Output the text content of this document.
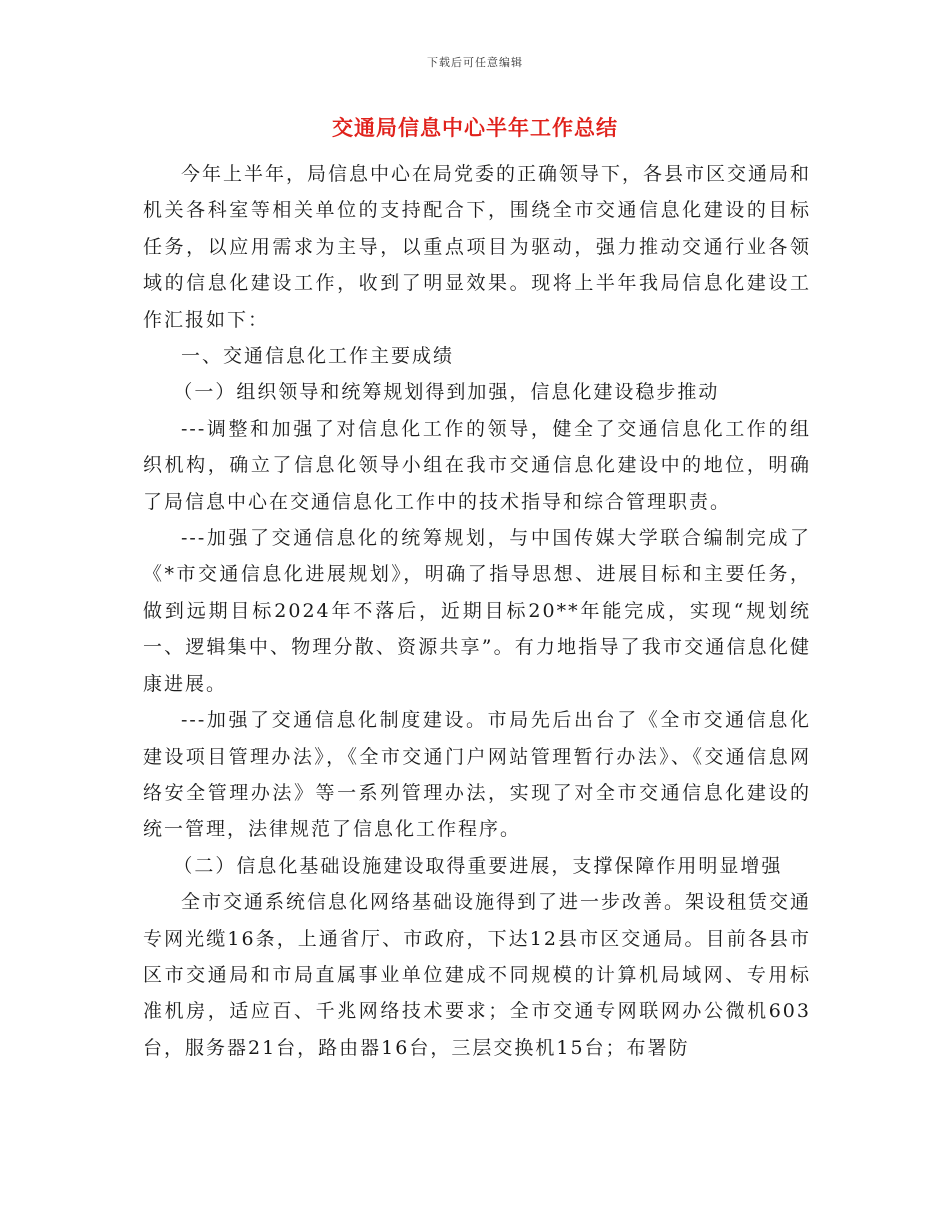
下载后可任意编辑
交通局信息中心半年工作总结

今年上半年，局信息中心在局党委的正确领导下，各县市区交通局和机关各科室等相关单位的支持配合下，围绕全市交通信息化建设的目标任务，以应用需求为主导，以重点项目为驱动，强力推动交通行业各领域的信息化建设工作，收到了明显效果。现将上半年我局信息化建设工作汇报如下：

一、交通信息化工作主要成绩

（一）组织领导和统筹规划得到加强，信息化建设稳步推动

---调整和加强了对信息化工作的领导，健全了交通信息化工作的组织机构，确立了信息化领导小组在我市交通信息化建设中的地位，明确了局信息中心在交通信息化工作中的技术指导和综合管理职责。

---加强了交通信息化的统筹规划，与中国传媒大学联合编制完成了《*市交通信息化进展规划》，明确了指导思想、进展目标和主要任务，做到远期目标2024年不落后，近期目标20**年能完成，实现“规划统一、逻辑集中、物理分散、资源共享”。有力地指导了我市交通信息化健康进展。

---加强了交通信息化制度建设。市局先后出台了《全市交通信息化建设项目管理办法》，《全市交通门户网站管理暂行办法》、《交通信息网络安全管理办法》等一系列管理办法，实现了对全市交通信息化建设的统一管理，法律规范了信息化工作程序。

（二）信息化基础设施建设取得重要进展，支撑保障作用明显增强

全市交通系统信息化网络基础设施得到了进一步改善。架设租赁交通专网光缆16条，上通省厅、市政府，下达12县市区交通局。目前各县市区市交通局和市局直属事业单位建成不同规模的计算机局域网、专用标准机房，适应百、千兆网络技术要求；全市交通专网联网办公微机603台，服务器21台，路由器16台，三层交换机15台；布署防
